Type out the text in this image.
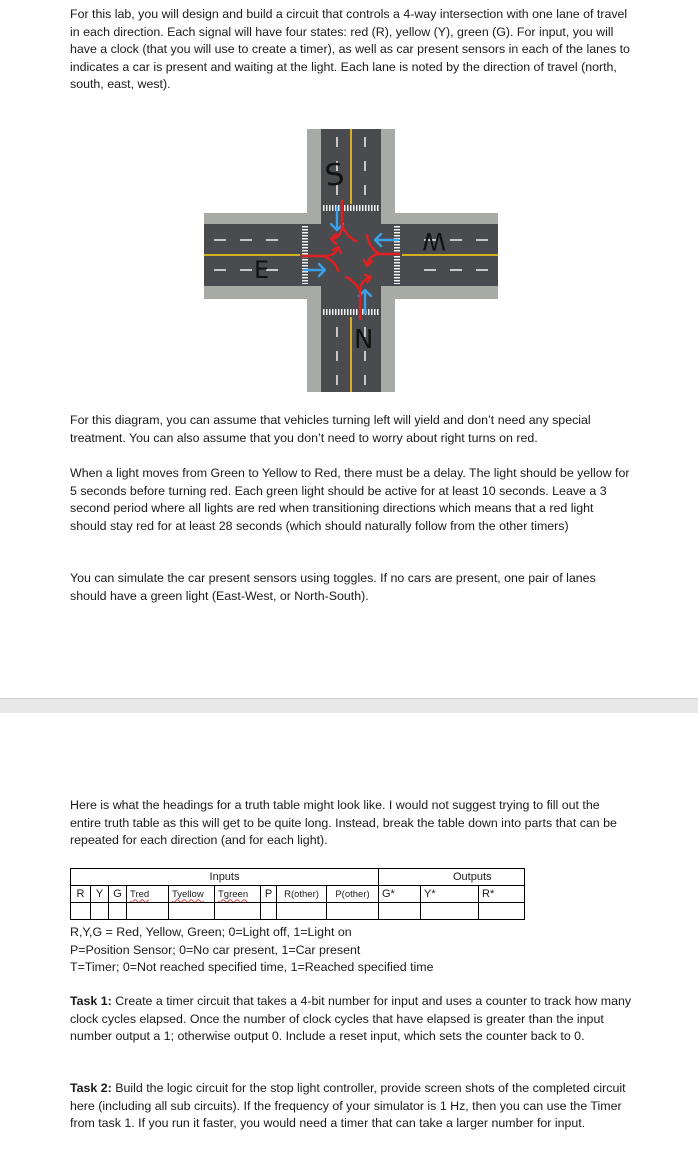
For this lab, you will design and build a circuit that controls a 4-way intersection with one lane of travel in each direction. Each signal will have four states: red (R), yellow (Y), green (G). For input, you will have a clock (that you will use to create a timer), as well as car present sensors in each of the lanes to indicates a car is present and waiting at the light. Each lane is noted by the direction of travel (north, south, east, west).

S
W
E
N

For this diagram, you can assume that vehicles turning left will yield and don’t need any special treatment. You can also assume that you don’t need to worry about right turns on red.

When a light moves from Green to Yellow to Red, there must be a delay. The light should be yellow for 5 seconds before turning red. Each green light should be active for at least 10 seconds. Leave a 3 second period where all lights are red when transitioning directions which means that a red light should stay red for at least 28 seconds (which should naturally follow from the other timers)

You can simulate the car present sensors using toggles. If no cars are present, one pair of lanes should have a green light (East-West, or North-South).

Here is what the headings for a truth table might look like. I would not suggest trying to fill out the entire truth table as this will get to be quite long. Instead, break the table down into parts that can be repeated for each direction (and for each light).

Inputs										Outputs	
R	Y	G	Tred	Tyellow	Tgreen	P	R(other)	P(other)	G*	Y*	R*

R,Y,G = Red, Yellow, Green; 0=Light off, 1=Light on
P=Position Sensor; 0=No car present, 1=Car present
T=Timer; 0=Not reached specified time, 1=Reached specified time

Task 1: Create a timer circuit that takes a 4-bit number for input and uses a counter to track how many clock cycles elapsed. Once the number of clock cycles that have elapsed is greater than the input number output a 1; otherwise output 0. Include a reset input, which sets the counter back to 0.

Task 2: Build the logic circuit for the stop light controller, provide screen shots of the completed circuit here (including all sub circuits). If the frequency of your simulator is 1 Hz, then you can use the Timer from task 1. If you run it faster, you would need a timer that can take a larger number for input.
